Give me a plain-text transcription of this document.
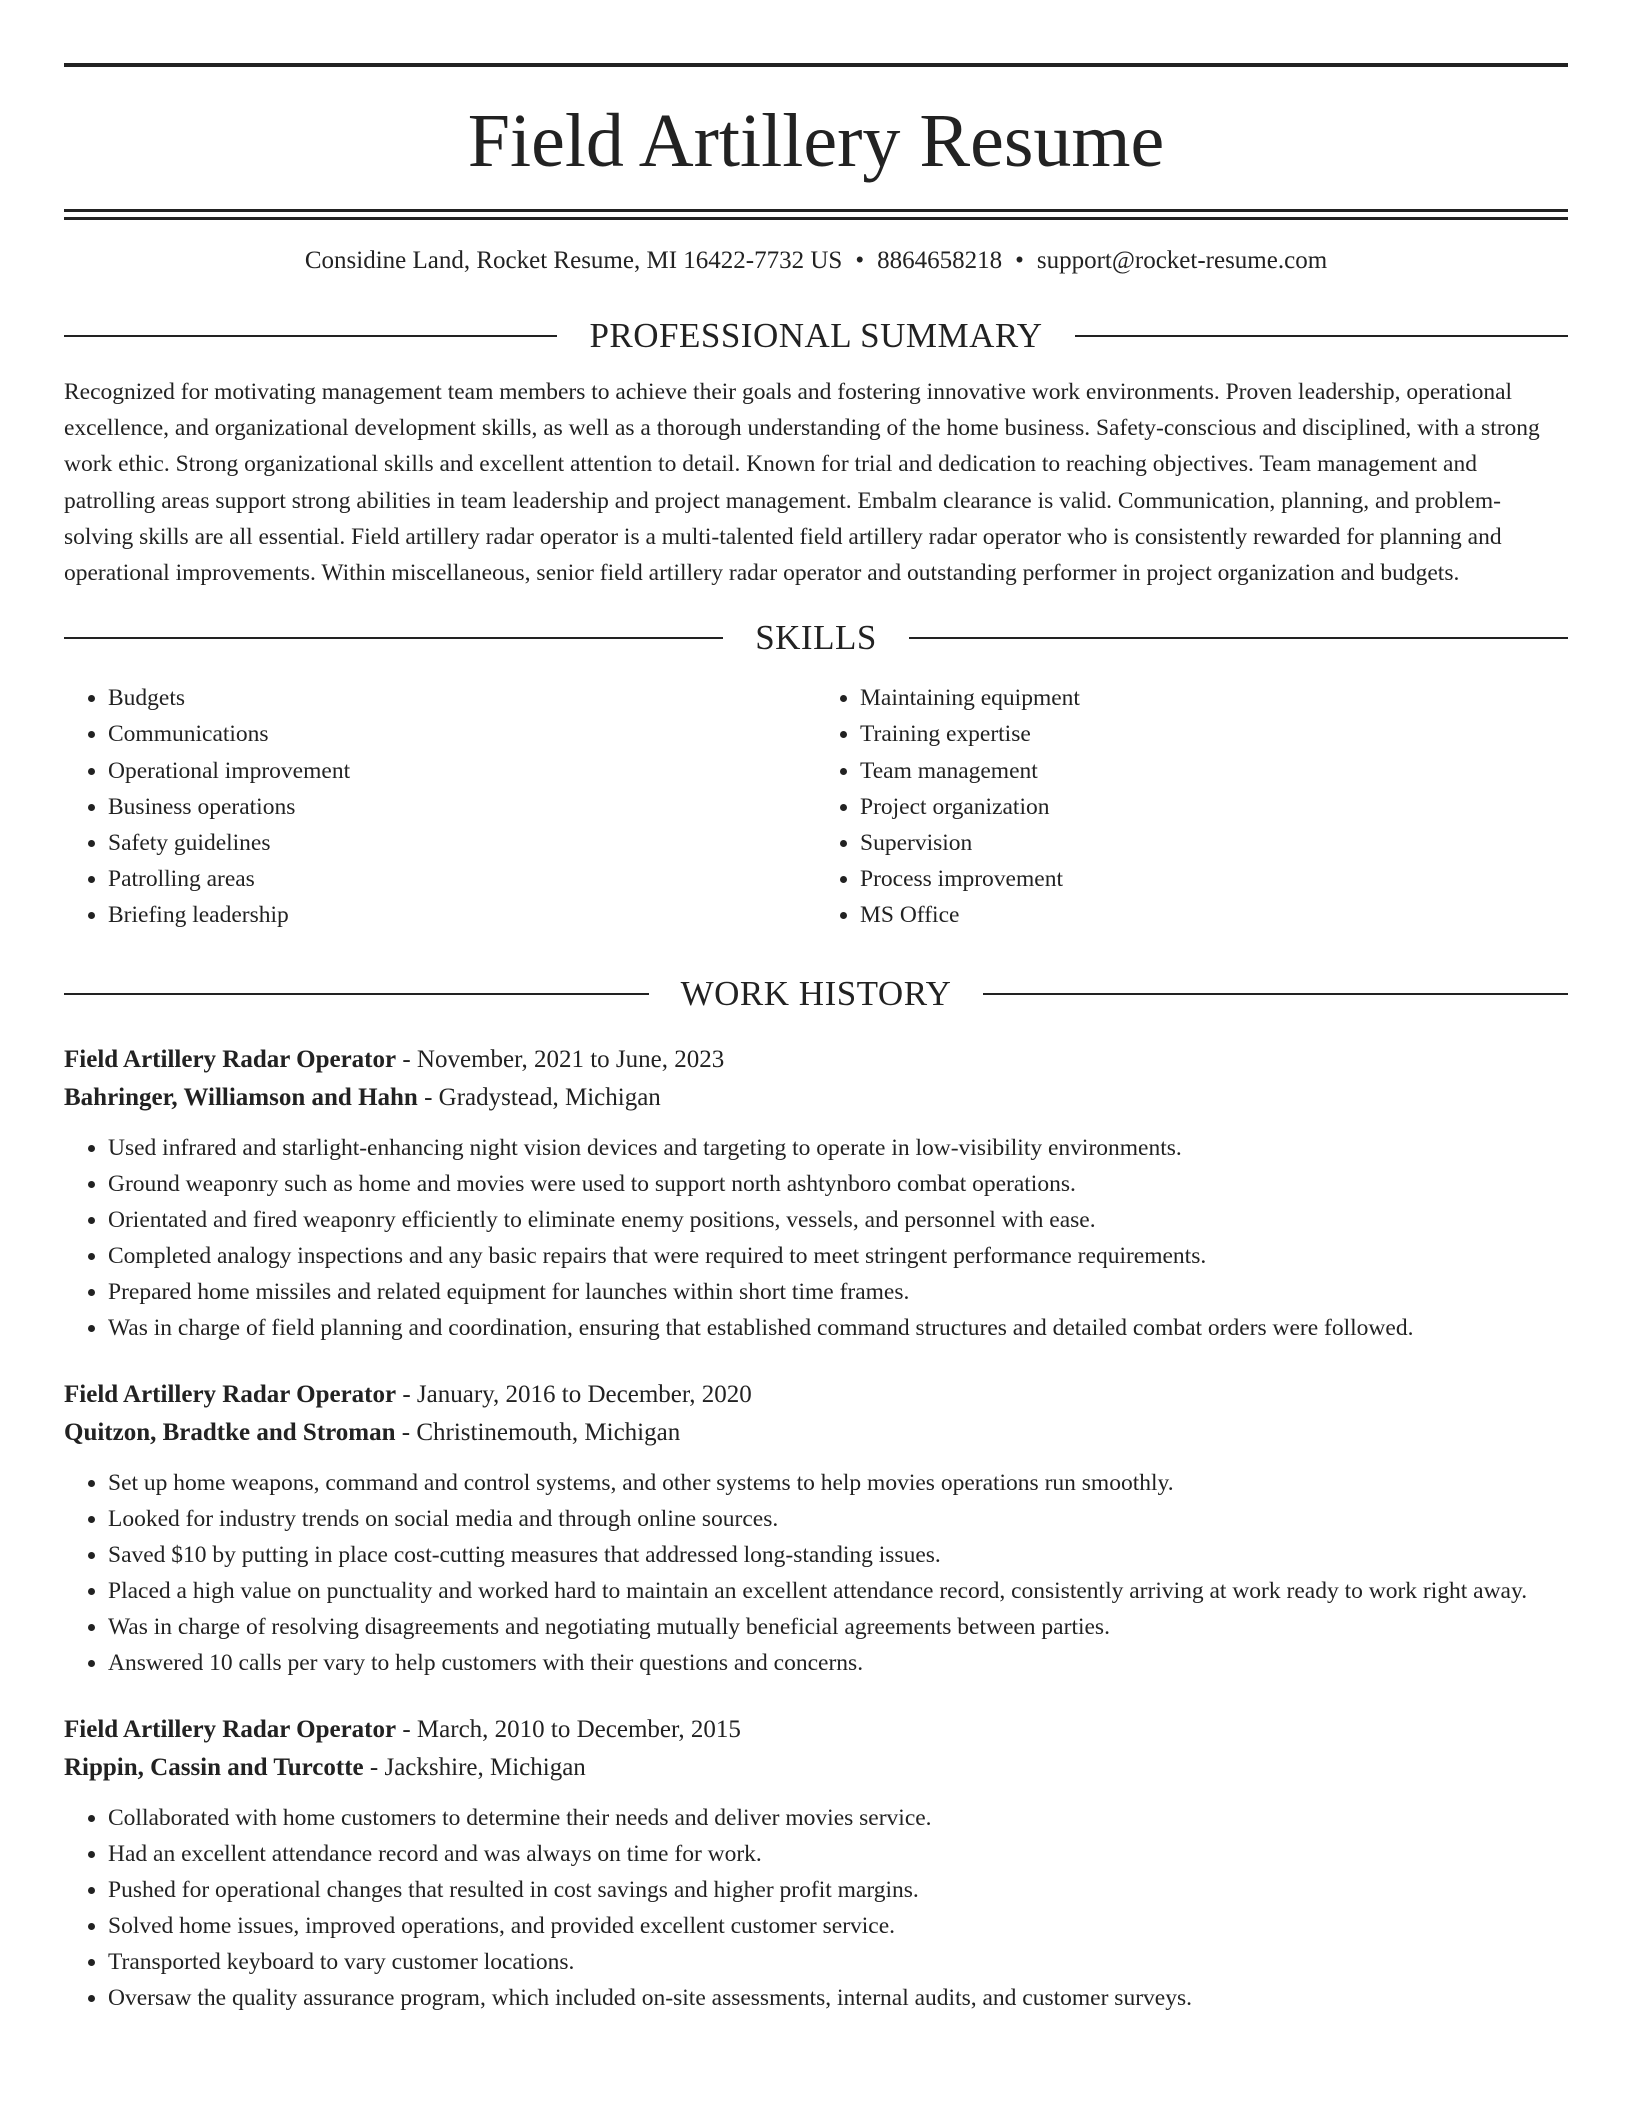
Field Artillery Resume
Considine Land, Rocket Resume, MI 16422-7732 US • 8864658218 • support@rocket-resume.com
PROFESSIONAL SUMMARY
Recognized for motivating management team members to achieve their goals and fostering innovative work environments. Proven leadership, operational excellence, and organizational development skills, as well as a thorough understanding of the home business. Safety-conscious and disciplined, with a strong work ethic. Strong organizational skills and excellent attention to detail. Known for trial and dedication to reaching objectives. Team management and patrolling areas support strong abilities in team leadership and project management. Embalm clearance is valid. Communication, planning, and problem-solving skills are all essential. Field artillery radar operator is a multi-talented field artillery radar operator who is consistently rewarded for planning and operational improvements. Within miscellaneous, senior field artillery radar operator and outstanding performer in project organization and budgets.
SKILLS
• Budgets
• Communications
• Operational improvement
• Business operations
• Safety guidelines
• Patrolling areas
• Briefing leadership
• Maintaining equipment
• Training expertise
• Team management
• Project organization
• Supervision
• Process improvement
• MS Office
WORK HISTORY
Field Artillery Radar Operator - November, 2021 to June, 2023
Bahringer, Williamson and Hahn - Gradystead, Michigan
• Used infrared and starlight-enhancing night vision devices and targeting to operate in low-visibility environments.
• Ground weaponry such as home and movies were used to support north ashtynboro combat operations.
• Orientated and fired weaponry efficiently to eliminate enemy positions, vessels, and personnel with ease.
• Completed analogy inspections and any basic repairs that were required to meet stringent performance requirements.
• Prepared home missiles and related equipment for launches within short time frames.
• Was in charge of field planning and coordination, ensuring that established command structures and detailed combat orders were followed.
Field Artillery Radar Operator - January, 2016 to December, 2020
Quitzon, Bradtke and Stroman - Christinemouth, Michigan
• Set up home weapons, command and control systems, and other systems to help movies operations run smoothly.
• Looked for industry trends on social media and through online sources.
• Saved $10 by putting in place cost-cutting measures that addressed long-standing issues.
• Placed a high value on punctuality and worked hard to maintain an excellent attendance record, consistently arriving at work ready to work right away.
• Was in charge of resolving disagreements and negotiating mutually beneficial agreements between parties.
• Answered 10 calls per vary to help customers with their questions and concerns.
Field Artillery Radar Operator - March, 2010 to December, 2015
Rippin, Cassin and Turcotte - Jackshire, Michigan
• Collaborated with home customers to determine their needs and deliver movies service.
• Had an excellent attendance record and was always on time for work.
• Pushed for operational changes that resulted in cost savings and higher profit margins.
• Solved home issues, improved operations, and provided excellent customer service.
• Transported keyboard to vary customer locations.
• Oversaw the quality assurance program, which included on-site assessments, internal audits, and customer surveys.
